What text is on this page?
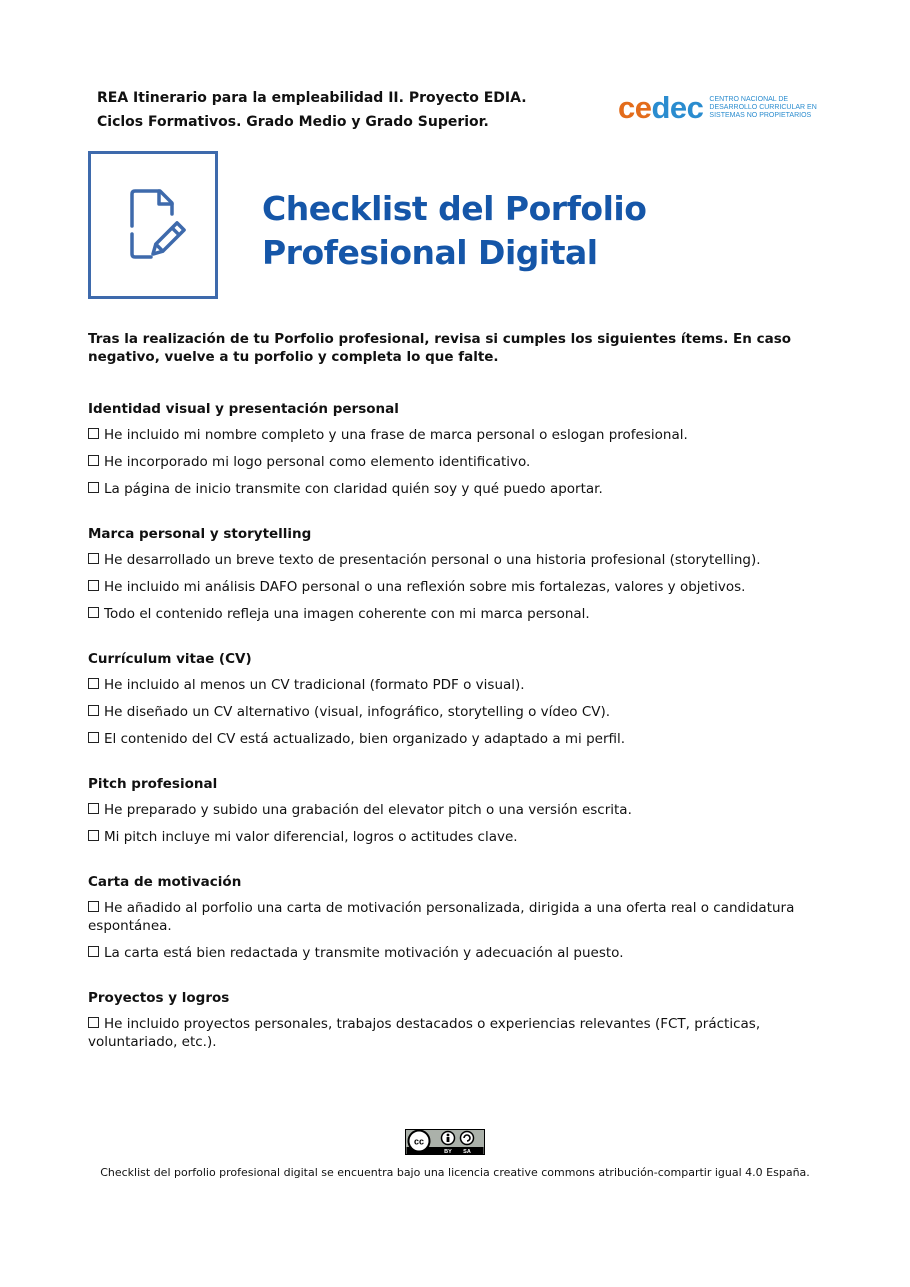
REA Itinerario para la empleabilidad II. Proyecto EDIA.
Ciclos Formativos. Grado Medio y Grado Superior.	cedec CENTRO NACIONAL DE DESARROLLO CURRICULAR EN SISTEMAS NO PROPIETARIOS
Checklist del Porfolio
Profesional Digital
Tras la realización de tu Porfolio profesional, revisa si cumples los siguientes ítems. En caso negativo, vuelve a tu porfolio y completa lo que falte.
Identidad visual y presentación personal
He incluido mi nombre completo y una frase de marca personal o eslogan profesional.
He incorporado mi logo personal como elemento identificativo.
La página de inicio transmite con claridad quién soy y qué puedo aportar.
Marca personal y storytelling
He desarrollado un breve texto de presentación personal o una historia profesional (storytelling).
He incluido mi análisis DAFO personal o una reflexión sobre mis fortalezas, valores y objetivos.
Todo el contenido refleja una imagen coherente con mi marca personal.
Currículum vitae (CV)
He incluido al menos un CV tradicional (formato PDF o visual).
He diseñado un CV alternativo (visual, infográfico, storytelling o vídeo CV).
El contenido del CV está actualizado, bien organizado y adaptado a mi perfil.
Pitch profesional
He preparado y subido una grabación del elevator pitch o una versión escrita.
Mi pitch incluye mi valor diferencial, logros o actitudes clave.
Carta de motivación
He añadido al porfolio una carta de motivación personalizada, dirigida a una oferta real o candidatura espontánea.
La carta está bien redactada y transmite motivación y adecuación al puesto.
Proyectos y logros
He incluido proyectos personales, trabajos destacados o experiencias relevantes (FCT, prácticas, voluntariado, etc.).
cc
BY SA
Checklist del porfolio profesional digital se encuentra bajo una licencia creative commons atribución-compartir igual 4.0 España.
